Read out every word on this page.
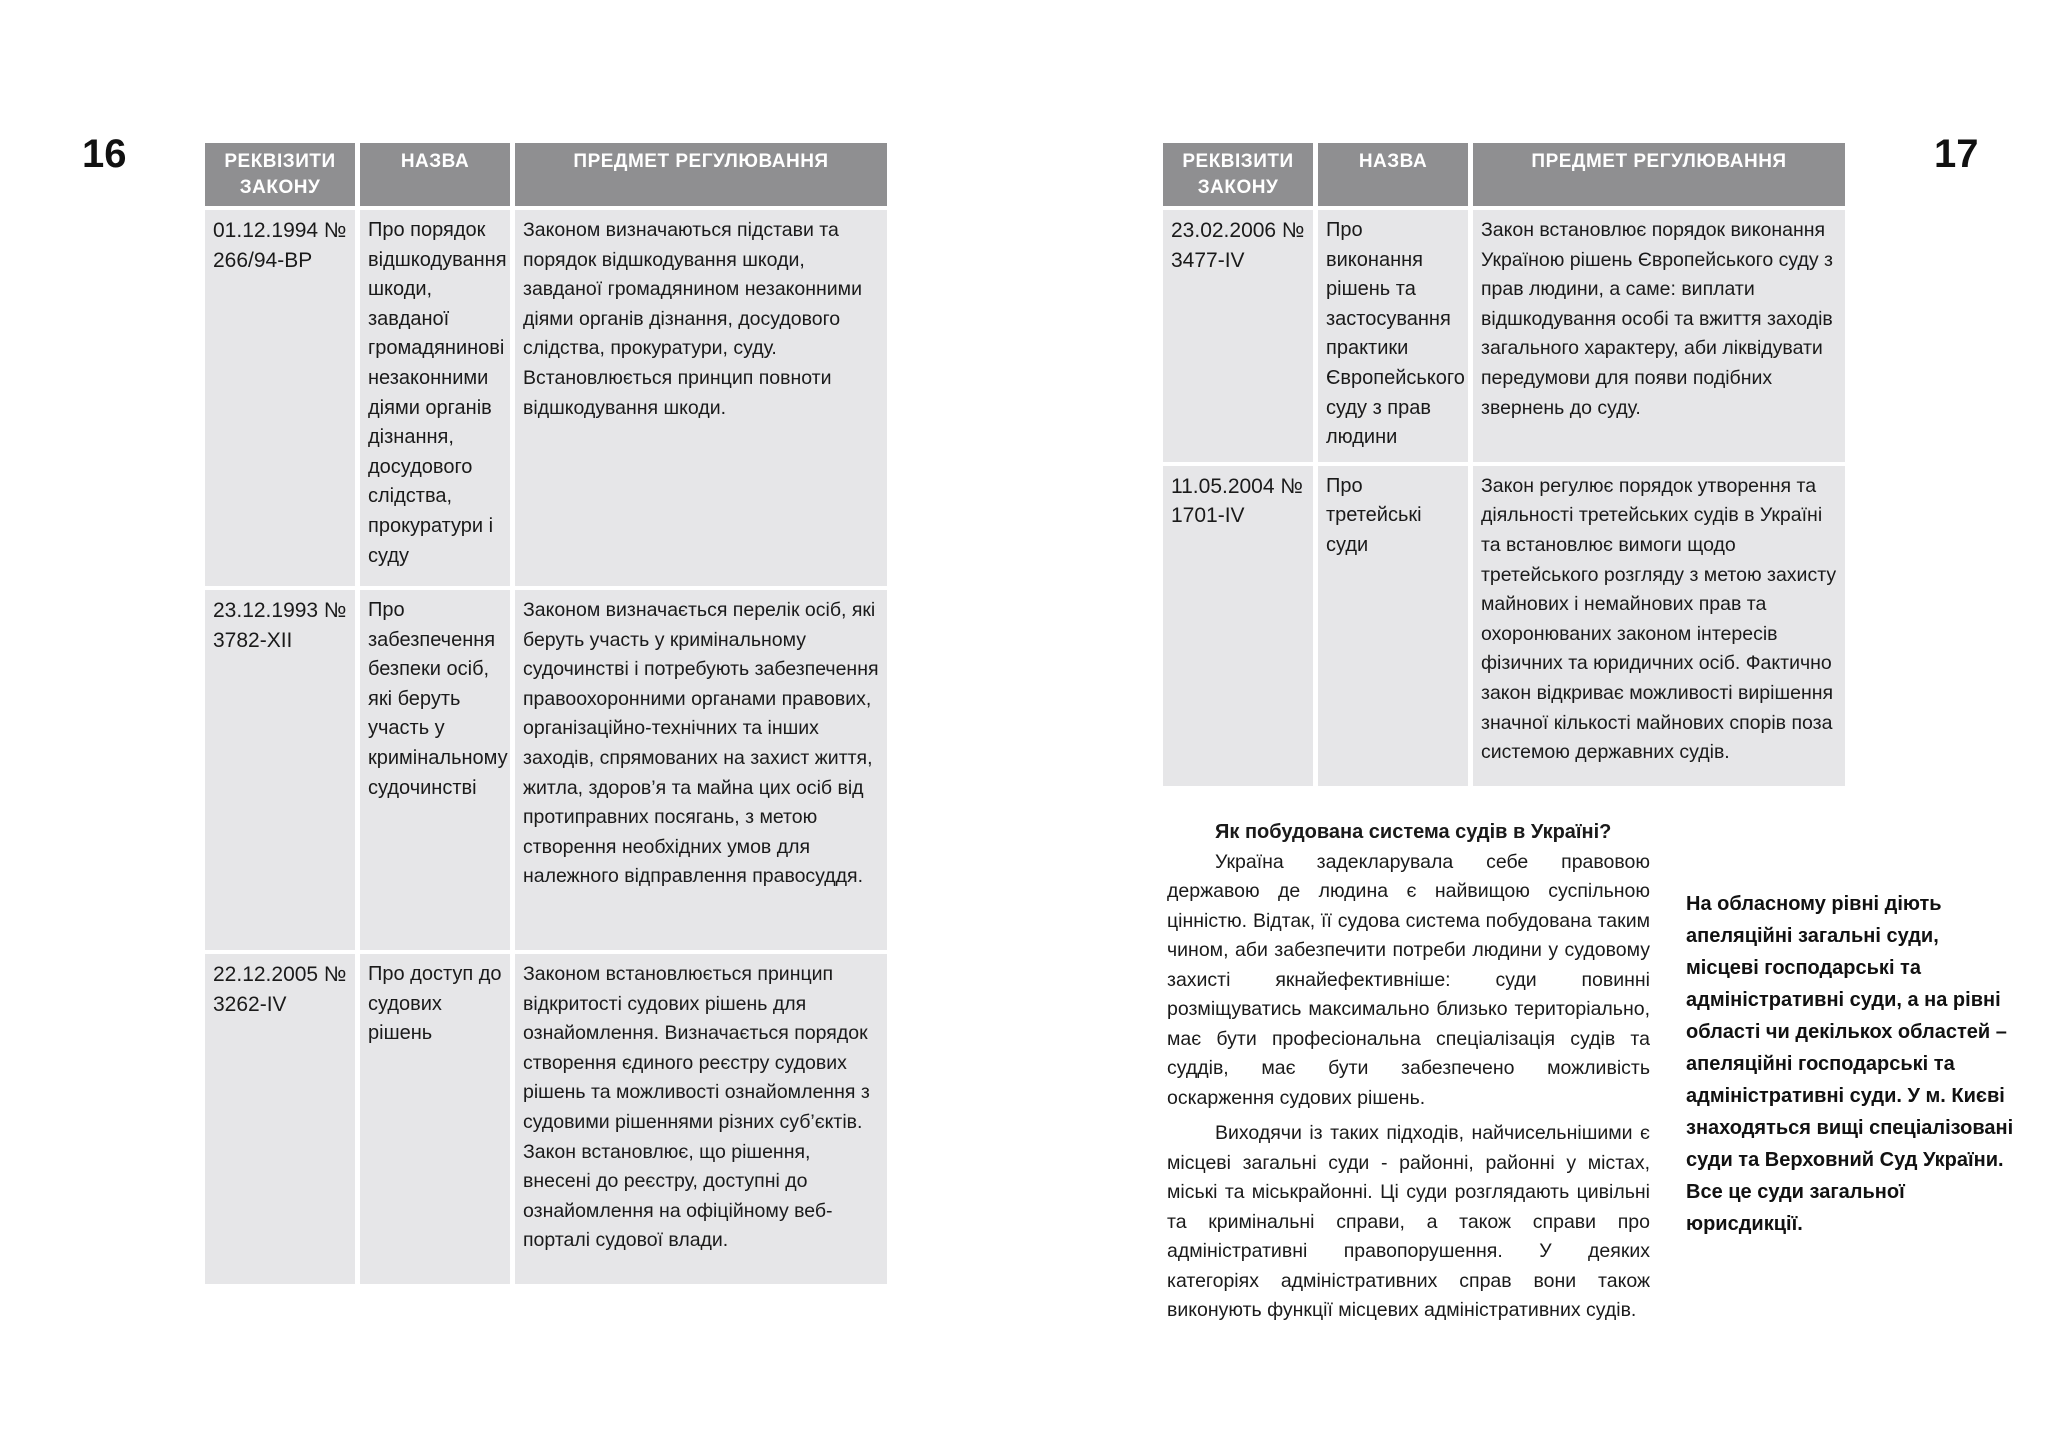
16	17
РЕКВІЗИТИ ЗАКОНУ	НАЗВА	ПРЕДМЕТ РЕГУЛЮВАННЯ
01.12.1994 № 266/94-ВР	Про порядок відшкодування шкоди, завданої громадянинові незаконними діями органів дізнання, досудового слідства, прокуратури і суду	Законом визначаються підстави та порядок відшкодування шкоди, завданої громадянином незаконними діями органів дізнання, досудового слідства, прокуратури, суду. Встановлюється принцип повноти відшкодування шкоди.
23.12.1993 № 3782-XII	Про забезпечення безпеки осіб, які беруть участь у кримінальному судочинстві	Законом визначається перелік осіб, які беруть участь у кримінальному судочинстві і потребують забезпечення правоохоронними органами правових, організаційно-технічних та інших заходів, спрямованих на захист життя, житла, здоров’я та майна цих осіб від протиправних посягань, з метою створення необхідних умов для належного відправлення правосуддя.
22.12.2005 № 3262-IV	Про доступ до судових рішень	Законом встановлюється принцип відкритості судових рішень для ознайомлення. Визначається порядок створення єдиного реєстру судових рішень та можливості ознайомлення з судовими рішеннями різних суб’єктів. Закон встановлює, що рішення, внесені до реєстру, доступні до ознайомлення на офіційному веб-порталі судової влади.
РЕКВІЗИТИ ЗАКОНУ	НАЗВА	ПРЕДМЕТ РЕГУЛЮВАННЯ
23.02.2006 № 3477-IV	Про виконання рішень та застосування практики Європейського суду з прав людини	Закон встановлює порядок виконання Україною рішень Європейського суду з прав людини, а саме: виплати відшкодування особі та вжиття заходів загального характеру, аби ліквідувати передумови для появи подібних звернень до суду.
11.05.2004 № 1701-IV	Про третейські суди	Закон регулює порядок утворення та діяльності третейських судів в Україні та встановлює вимоги щодо третейського розгляду з метою захисту майнових і немайнових прав та охоронюваних законом інтересів фізичних та юридичних осіб. Фактично закон відкриває можливості вирішення значної кількості майнових спорів поза системою державних судів.
Як побудована система судів в Україні?

Україна задекларувала себе правовою державою де людина є найвищою суспільною цінністю. Відтак, її судова система побудована таким чином, аби забезпечити потреби людини у судовому захисті якнайефективніше: суди повинні розміщуватись максимально близько територіально, має бути професіональна спеціалізація судів та суддів, має бути забезпечено можливість оскарження судових рішень.

Виходячи із таких підходів, найчисельнішими є місцеві загальні суди - районні, районні у містах, міські та міськрайонні. Ці суди розглядають цивільні та кримінальні справи, а також справи про адміністративні правопорушення. У деяких категоріях адміністративних справ вони також виконують функції місцевих адміністративних судів.

На обласному рівні діють апеляційні загальні суди, місцеві господарські та адміністративні суди, а на рівні області чи декількох областей – апеляційні господарські та адміністративні суди. У м. Києві знаходяться вищі спеціалізовані суди та Верховний Суд України. Все це суди загальної юрисдикції.
